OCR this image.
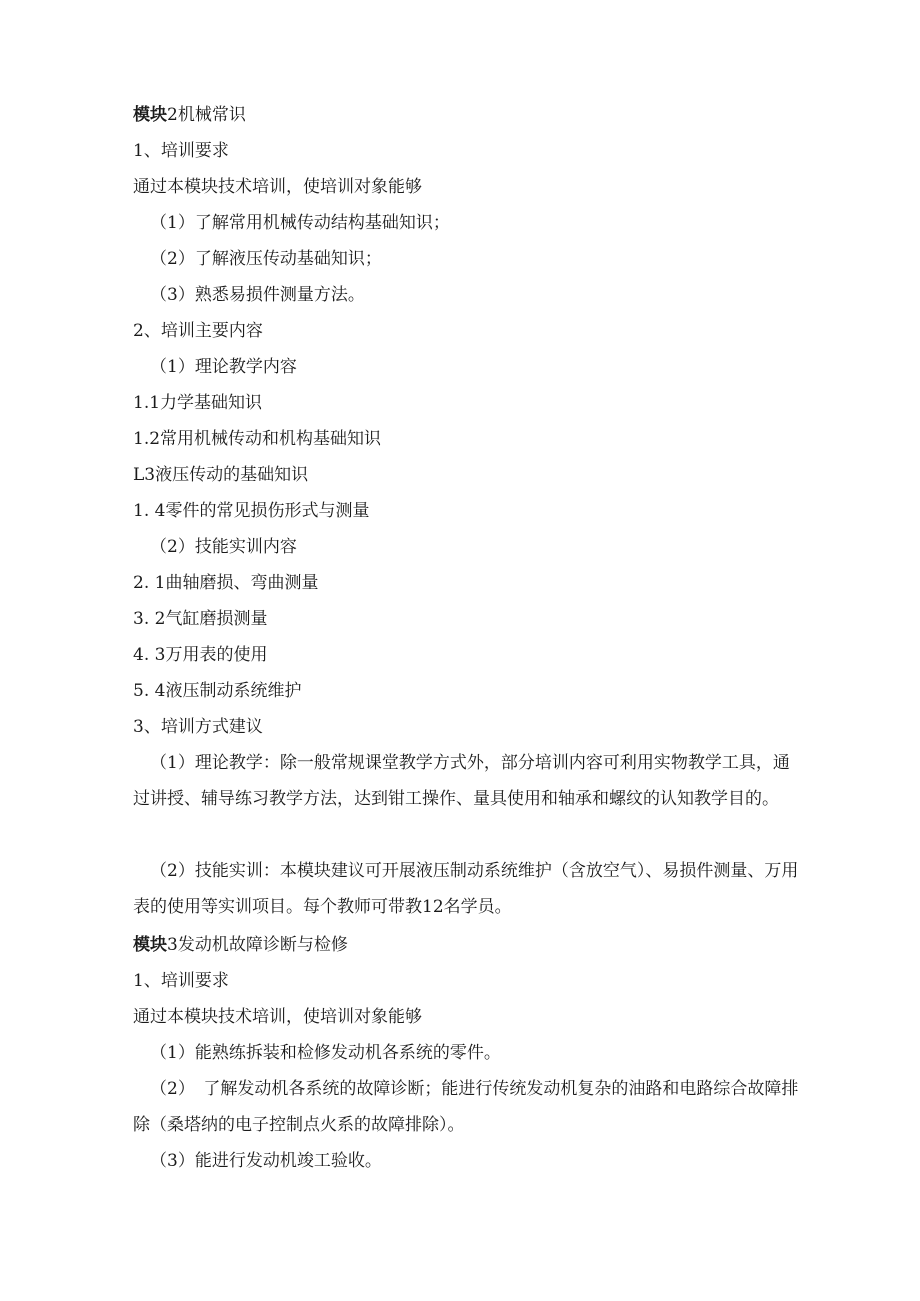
模块2机械常识
1、培训要求
通过本模块技术培训，使培训对象能够
（1）了解常用机械传动结构基础知识；
（2）了解液压传动基础知识；
（3）熟悉易损件测量方法。
2、培训主要内容
（1）理论教学内容
1.1力学基础知识
1.2常用机械传动和机构基础知识
L3液压传动的基础知识
1. 4零件的常见损伤形式与测量
（2）技能实训内容
2. 1曲轴磨损、弯曲测量
3. 2气缸磨损测量
4. 3万用表的使用
5. 4液压制动系统维护
3、培训方式建议
（1）理论教学：除一般常规课堂教学方式外，部分培训内容可利用实物教学工具，通过讲授、辅导练习教学方法，达到钳工操作、量具使用和轴承和螺纹的认知教学目的。
（2）技能实训：本模块建议可开展液压制动系统维护（含放空气）、易损件测量、万用表的使用等实训项目。每个教师可带教12名学员。
模块3发动机故障诊断与检修
1、培训要求
通过本模块技术培训，使培训对象能够
（1）能熟练拆装和检修发动机各系统的零件。
（2）　了解发动机各系统的故障诊断；能进行传统发动机复杂的油路和电路综合故障排除（桑塔纳的电子控制点火系的故障排除）。
（3）能进行发动机竣工验收。
